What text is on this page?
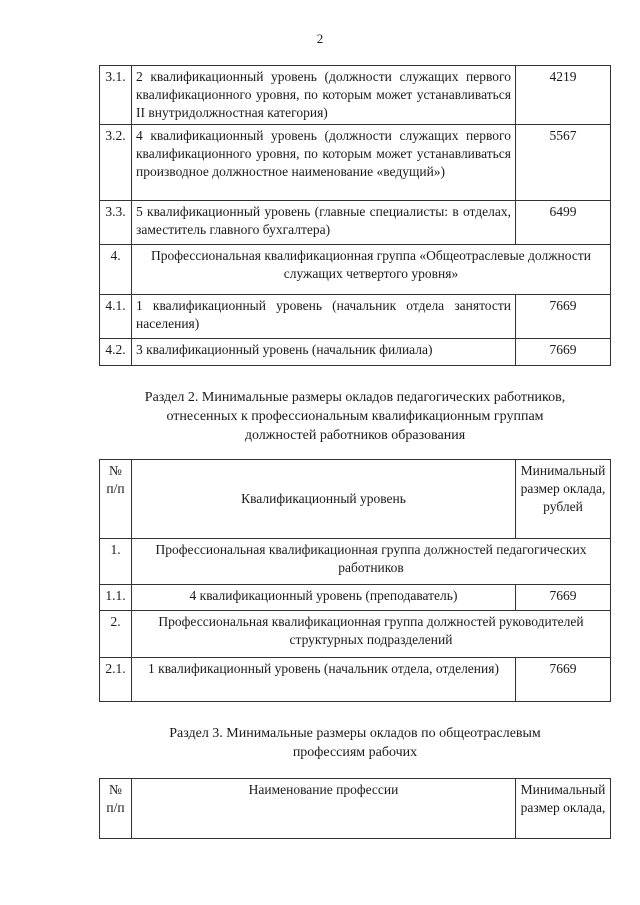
2
3.1.	2 квалификационный уровень (должности служащих первого квалификационного уровня, по которым может устанавливаться II внутридолжностная категория)	4219
3.2.	4 квалификационный уровень (должности служащих первого квалификационного уровня, по которым может устанавливаться производное должностное наименование «ведущий»)	5567
3.3.	5 квалификационный уровень (главные специалисты: в отделах, заместитель главного бухгалтера)	6499
4.	Профессиональная квалификационная группа «Общеотраслевые должности служащих четвертого уровня»	
4.1.	1 квалификационный уровень (начальник отдела занятости населения)	7669
4.2.	3 квалификационный уровень (начальник филиала)	7669
Раздел 2. Минимальные размеры окладов педагогических работников, отнесенных к профессиональным квалификационным группам должностей работников образования
№ п/п	Квалификационный уровень	Минимальный размер оклада, рублей
1.	Профессиональная квалификационная группа должностей педагогических работников	
1.1.	4 квалификационный уровень (преподаватель)	7669
2.	Профессиональная квалификационная группа должностей руководителей структурных подразделений	
2.1.	1 квалификационный уровень (начальник отдела, отделения)	7669
Раздел 3. Минимальные размеры окладов по общеотраслевым профессиям рабочих
№ п/п	Наименование профессии	Минимальный размер оклада,
